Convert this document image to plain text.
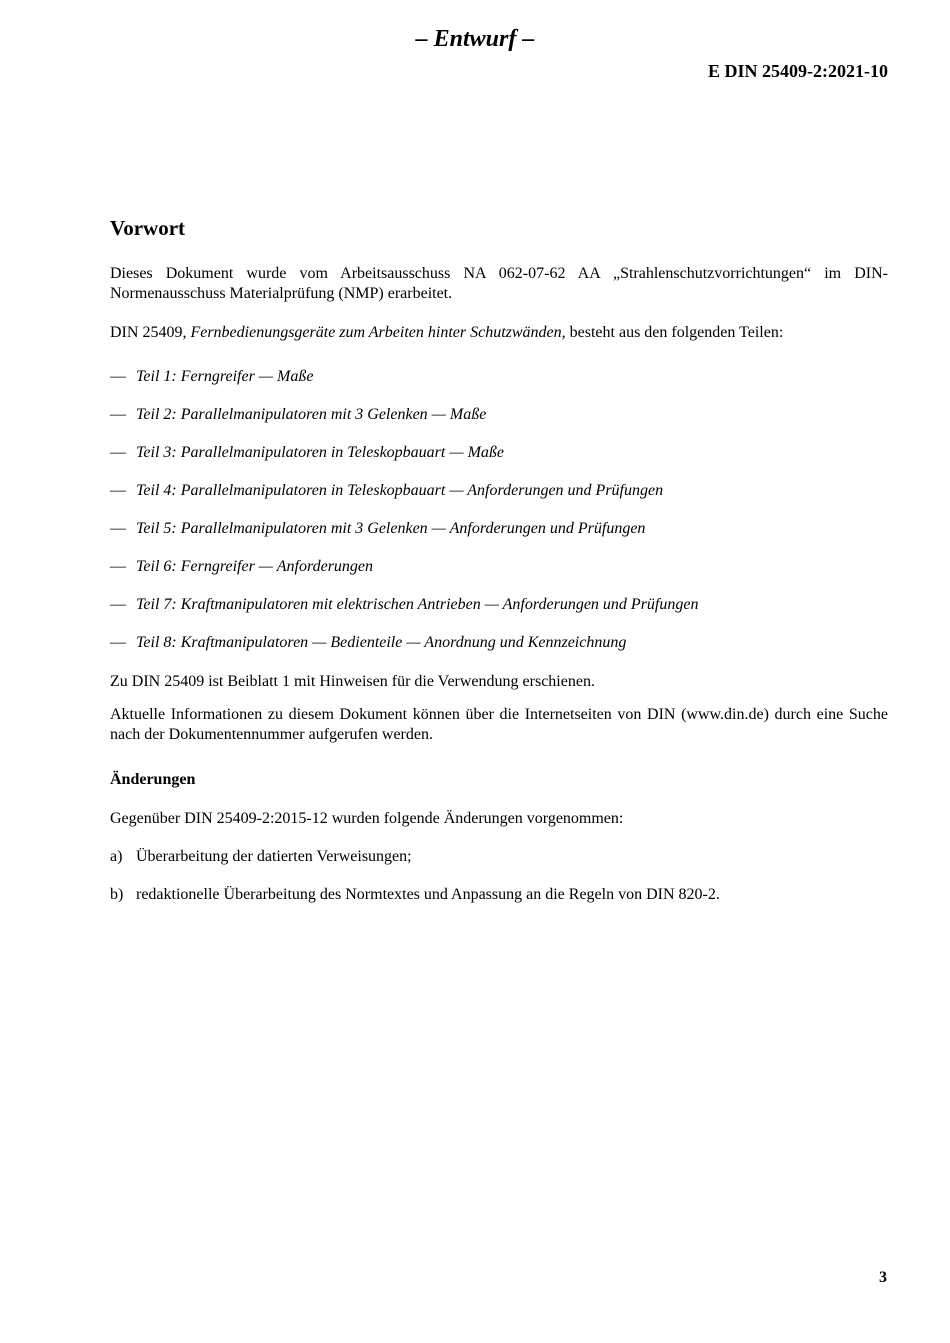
– Entwurf –
E DIN 25409-2:2021-10
Vorwort

Dieses Dokument wurde vom Arbeitsausschuss NA 062-07-62 AA „Strahlenschutzvorrichtungen“ im DIN-Normenausschuss Materialprüfung (NMP) erarbeitet.

DIN 25409, Fernbedienungsgeräte zum Arbeiten hinter Schutzwänden, besteht aus den folgenden Teilen:

— Teil 1: Ferngreifer — Maße
— Teil 2: Parallelmanipulatoren mit 3 Gelenken — Maße
— Teil 3: Parallelmanipulatoren in Teleskopbauart — Maße
— Teil 4: Parallelmanipulatoren in Teleskopbauart — Anforderungen und Prüfungen
— Teil 5: Parallelmanipulatoren mit 3 Gelenken — Anforderungen und Prüfungen
— Teil 6: Ferngreifer — Anforderungen
— Teil 7: Kraftmanipulatoren mit elektrischen Antrieben — Anforderungen und Prüfungen
— Teil 8: Kraftmanipulatoren — Bedienteile — Anordnung und Kennzeichnung

Zu DIN 25409 ist Beiblatt 1 mit Hinweisen für die Verwendung erschienen.

Aktuelle Informationen zu diesem Dokument können über die Internetseiten von DIN (www.din.de) durch eine Suche nach der Dokumentennummer aufgerufen werden.

Änderungen

Gegenüber DIN 25409-2:2015-12 wurden folgende Änderungen vorgenommen:

a) Überarbeitung der datierten Verweisungen;
b) redaktionelle Überarbeitung des Normtextes und Anpassung an die Regeln von DIN 820-2.
3
